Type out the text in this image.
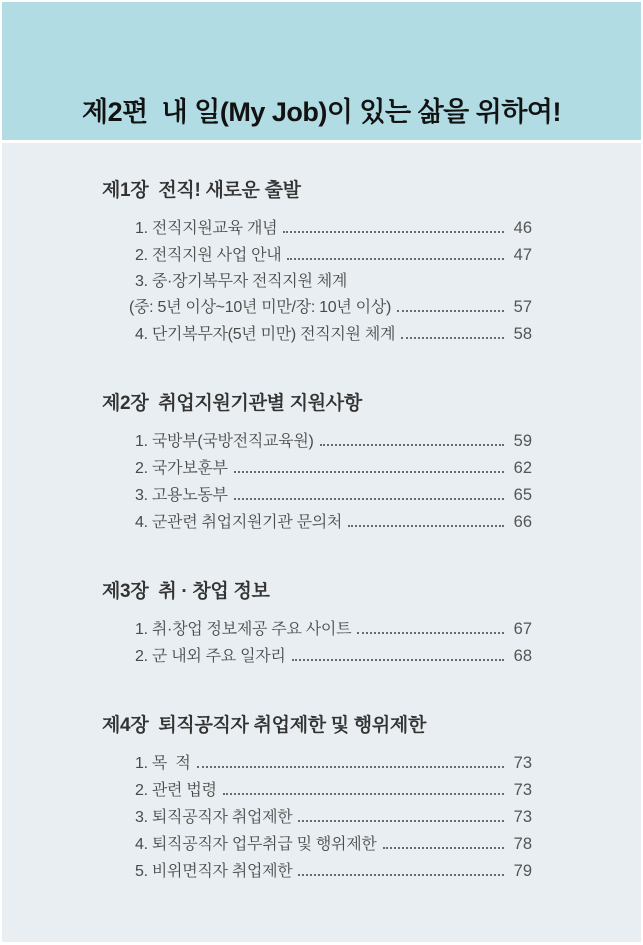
제2편  내 일(My Job)이 있는 삶을 위하여!
제1장  전직! 새로운 출발
1. 전직지원교육 개념	46
2. 전직지원 사업 안내	47
3. 중·장기복무자 전직지원 체계
(중: 5년 이상~10년 미만/장: 10년 이상)	57
4. 단기복무자(5년 미만) 전직지원 체계	58
제2장  취업지원기관별 지원사항
1. 국방부(국방전직교육원)	59
2. 국가보훈부	62
3. 고용노동부	65
4. 군관련 취업지원기관 문의처	66
제3장  취 · 창업 정보
1. 취·창업 정보제공 주요 사이트	67
2. 군 내외 주요 일자리	68
제4장  퇴직공직자 취업제한 및 행위제한
1. 목  적	73
2. 관련 법령	73
3. 퇴직공직자 취업제한	73
4. 퇴직공직자 업무취급 및 행위제한	78
5. 비위면직자 취업제한	79
